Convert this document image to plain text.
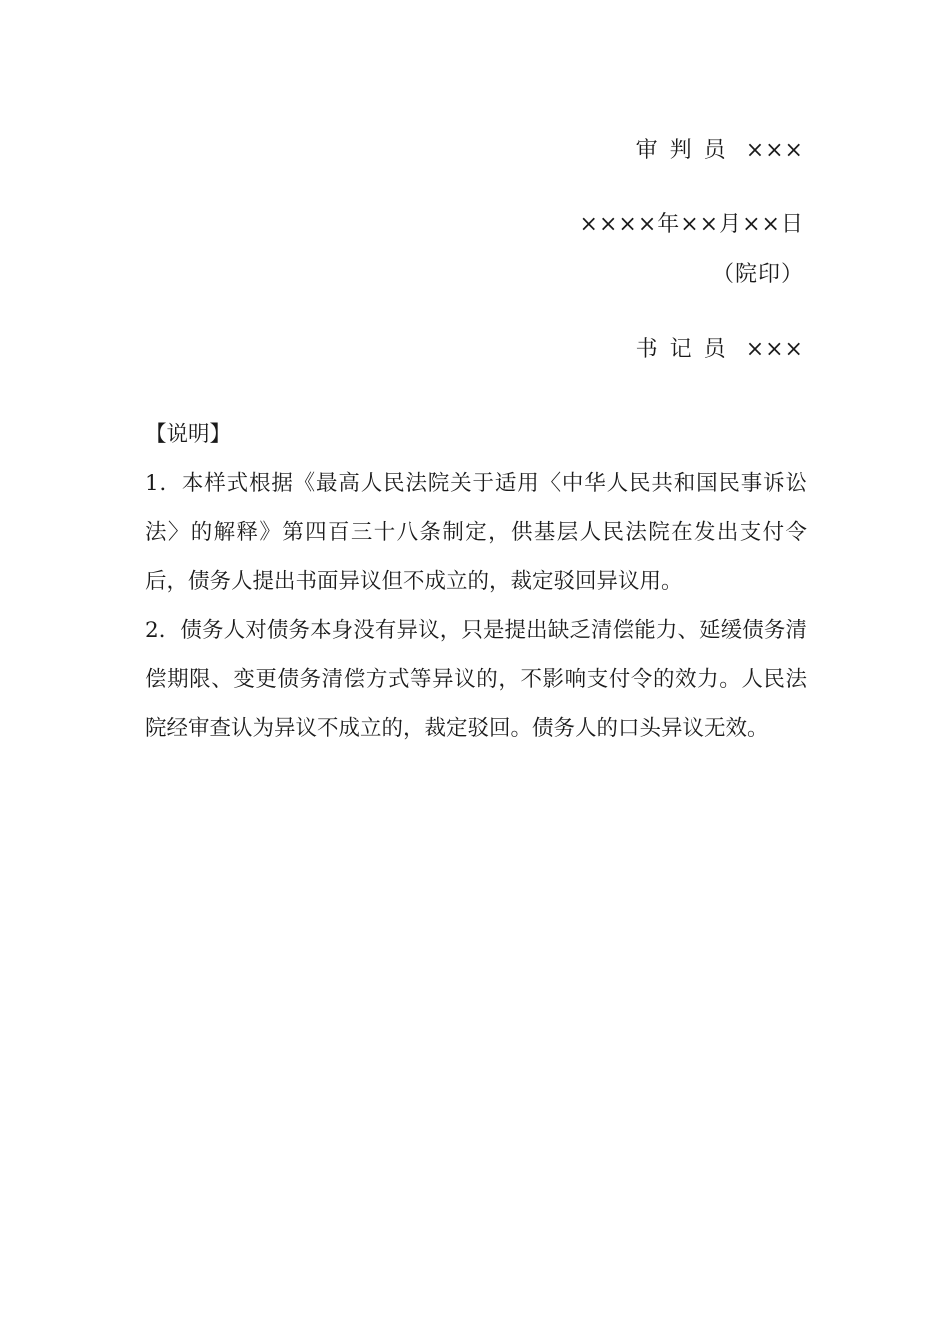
审判员 ×××
××××年××月××日
（院印）
书记员 ×××

【说明】

1．本样式根据《最高人民法院关于适用〈中华人民共和国民事诉讼法〉的解释》第四百三十八条制定，供基层人民法院在发出支付令后，债务人提出书面异议但不成立的，裁定驳回异议用。

2．债务人对债务本身没有异议，只是提出缺乏清偿能力、延缓债务清偿期限、变更债务清偿方式等异议的，不影响支付令的效力。人民法院经审查认为异议不成立的，裁定驳回。债务人的口头异议无效。
